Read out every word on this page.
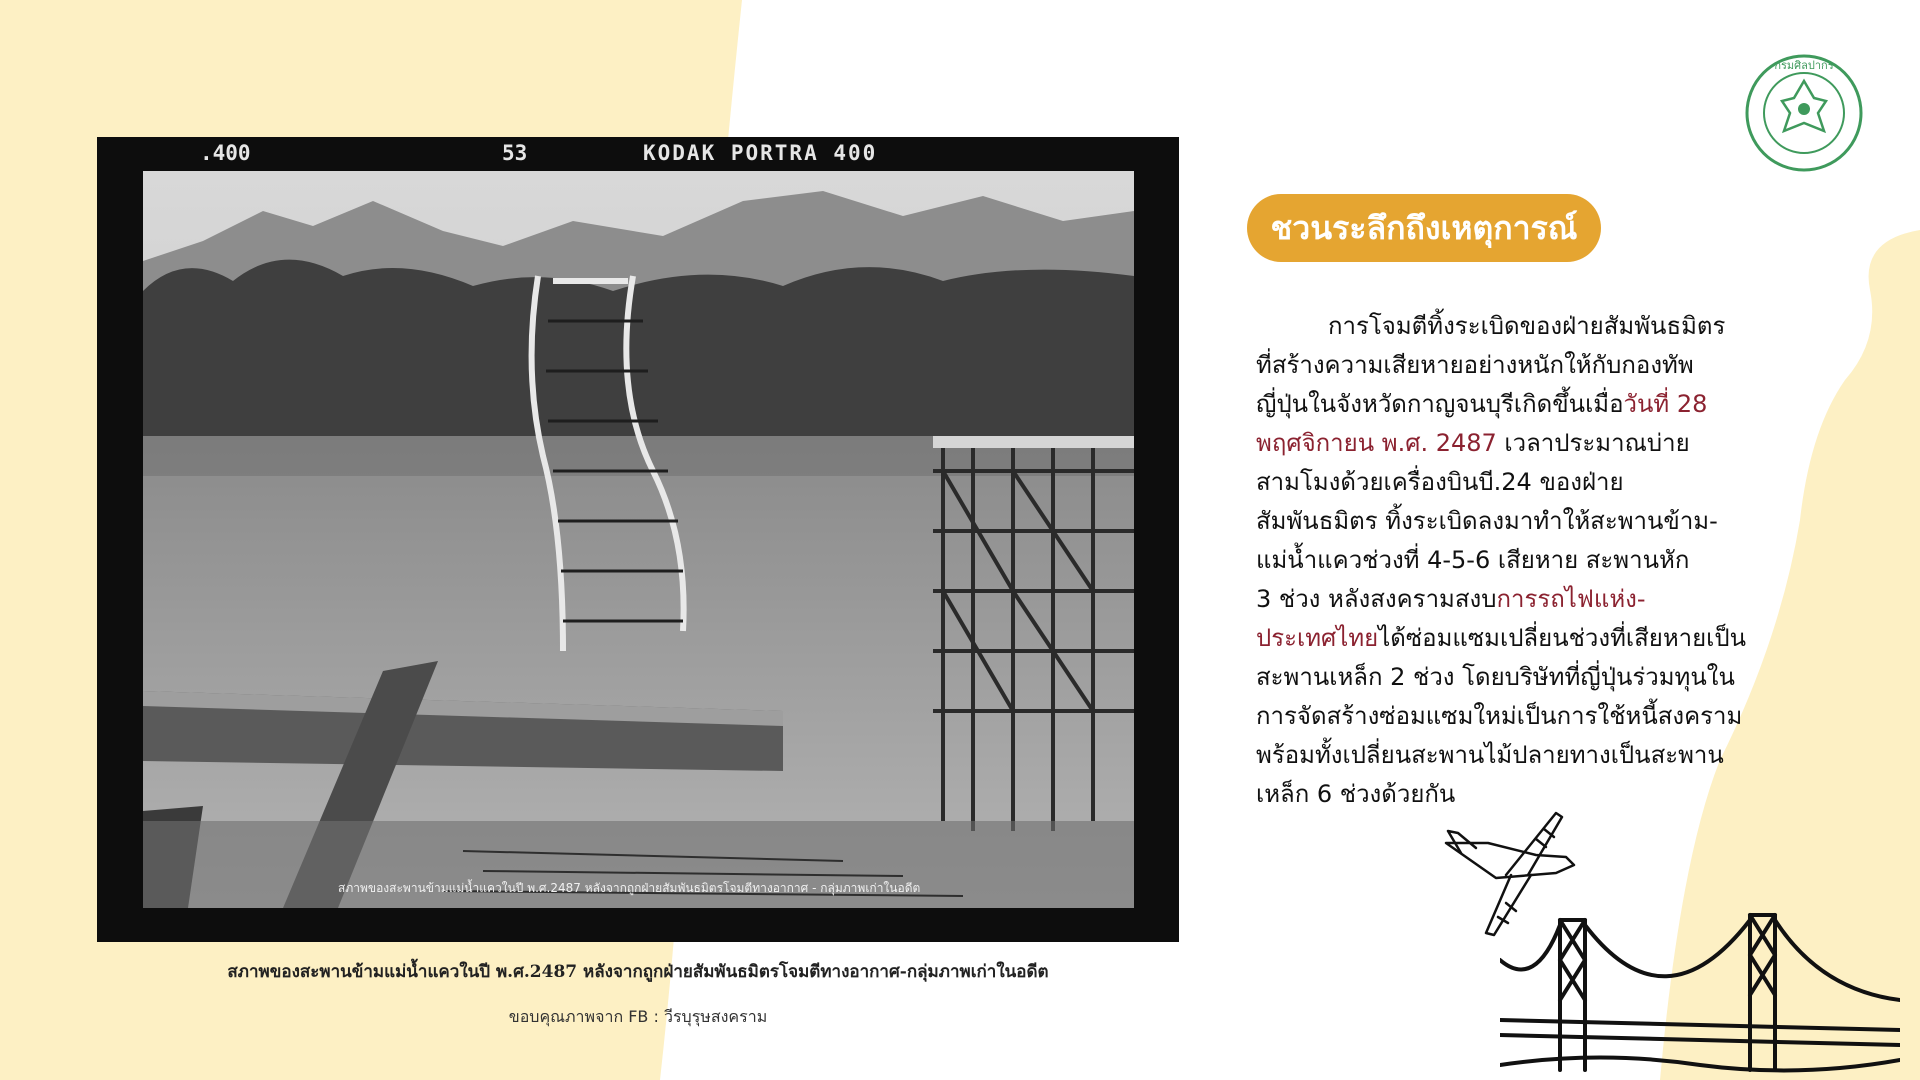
.400	53	KODAK PORTRA 400
สภาพของสะพานข้ามแม่น้ำแควในปี พ.ศ.2487 หลังจากถูกฝ่ายสัมพันธมิตรโจมตีทางอากาศ - กลุ่มภาพเก่าในอดีต
สภาพของสะพานข้ามแม่น้ำแควในปี พ.ศ.2487 หลังจากถูกฝ่ายสัมพันธมิตรโจมตีทางอากาศ-กลุ่มภาพเก่าในอดีต
ขอบคุณภาพจาก FB : วีรบุรุษสงคราม
กรมศิลปากร
ชวนระลึกถึงเหตุการณ์
การโจมตีทิ้งระเบิดของฝ่ายสัมพันธมิตร
ที่สร้างความเสียหายอย่างหนักให้กับกองทัพ
ญี่ปุ่นในจังหวัดกาญจนบุรีเกิดขึ้นเมื่อวันที่ 28
พฤศจิกายน พ.ศ. 2487 เวลาประมาณบ่าย
สามโมงด้วยเครื่องบินบี.24 ของฝ่าย
สัมพันธมิตร ทิ้งระเบิดลงมาทำให้สะพานข้าม-
แม่น้ำแควช่วงที่ 4-5-6 เสียหาย สะพานหัก
3 ช่วง หลังสงครามสงบการรถไฟแห่ง-
ประเทศไทยได้ซ่อมแซมเปลี่ยนช่วงที่เสียหายเป็น
สะพานเหล็ก 2 ช่วง โดยบริษัทที่ญี่ปุ่นร่วมทุนใน
การจัดสร้างซ่อมแซมใหม่เป็นการใช้หนี้สงคราม
พร้อมทั้งเปลี่ยนสะพานไม้ปลายทางเป็นสะพาน
เหล็ก 6 ช่วงด้วยกัน
